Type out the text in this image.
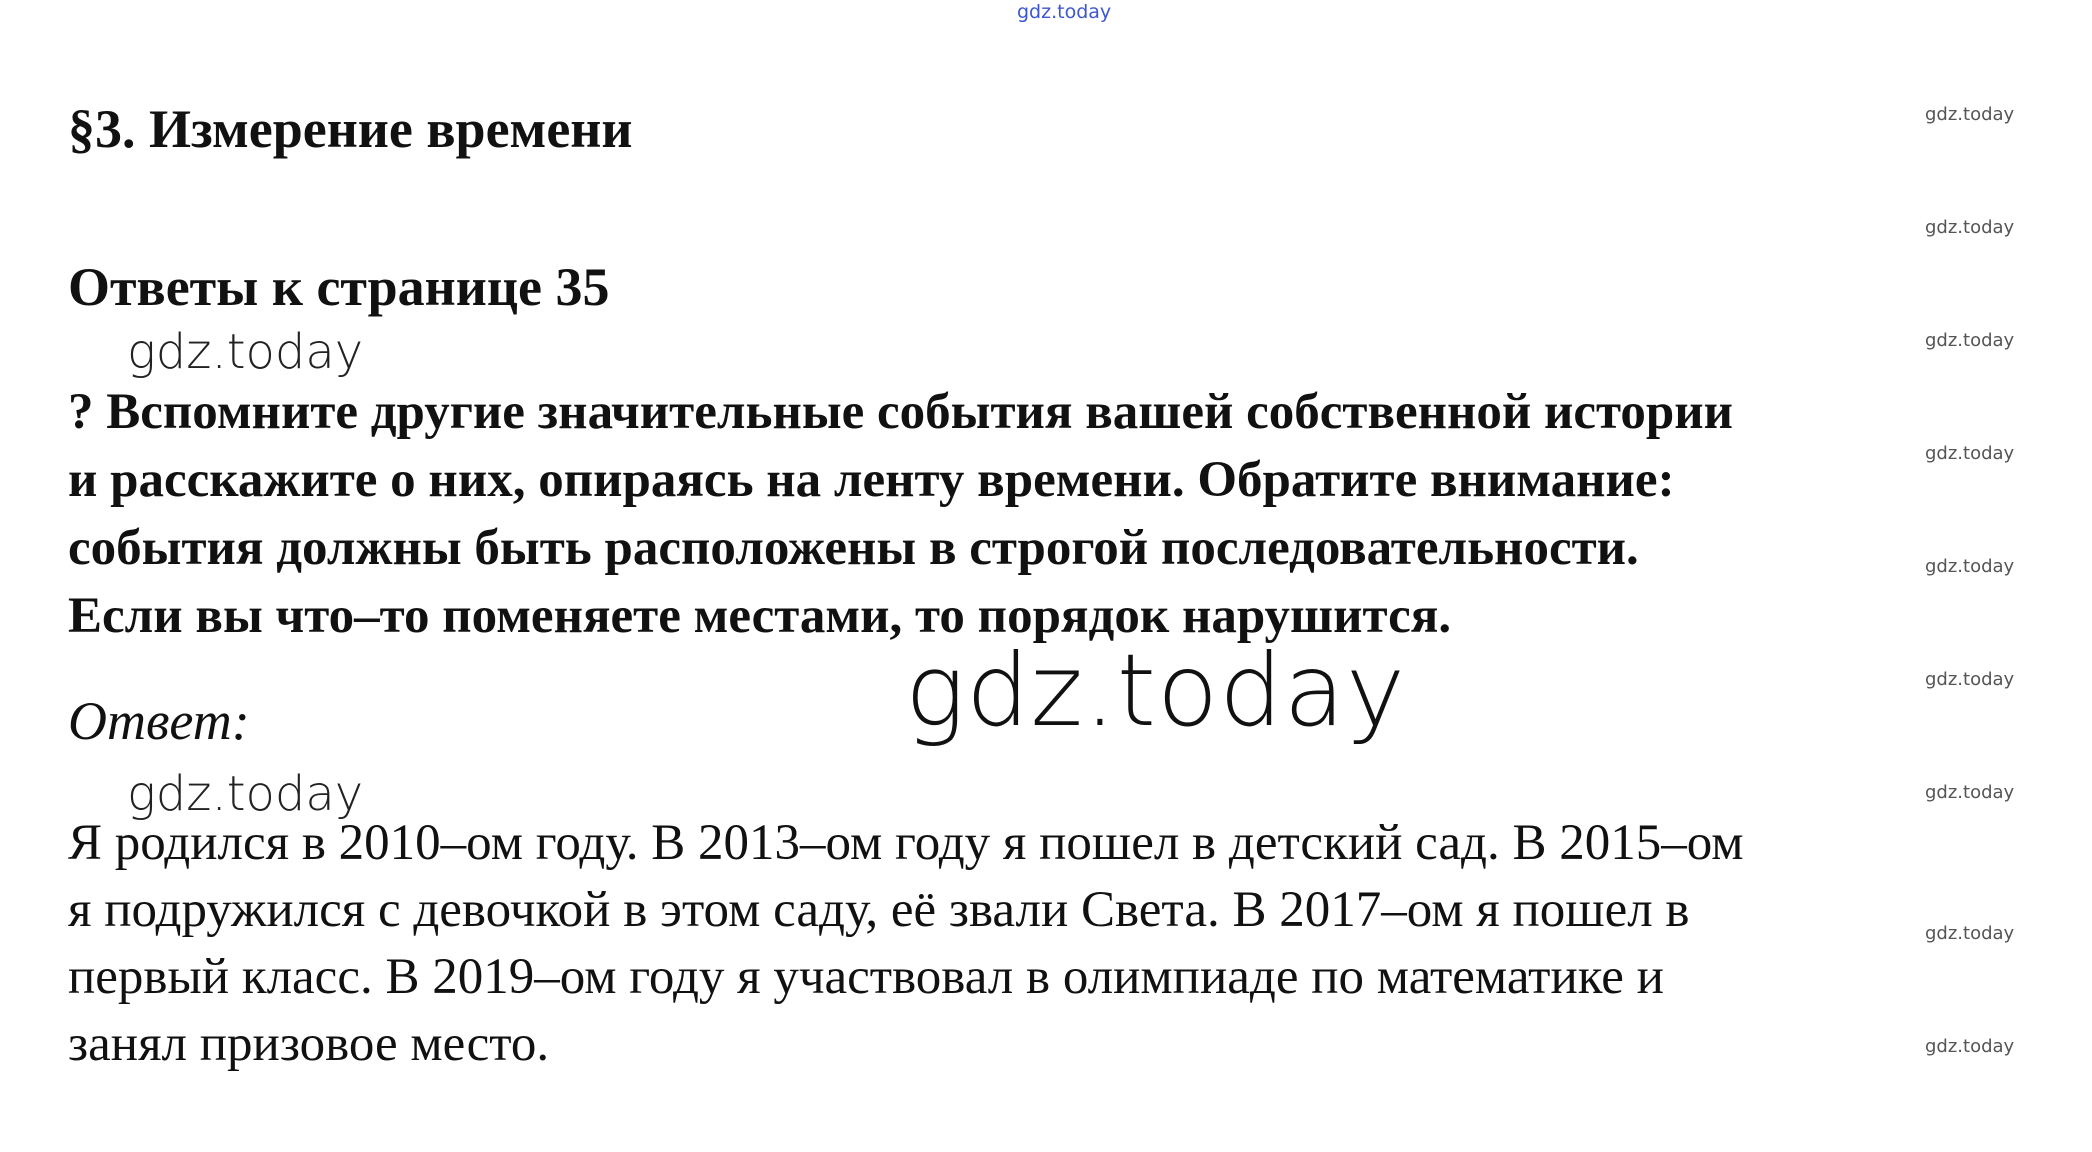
gdz.today
gdz.today
gdz.today
gdz.today
gdz.today
gdz.today
gdz.today
gdz.today
gdz.today
gdz.today
§3. Измерение времени
Ответы к странице 35
gdz.today
? Вспомните другие значительные события вашей собственной истории
и расскажите о них, опираясь на ленту времени. Обратите внимание:
события должны быть расположены в строгой последовательности.
Если вы что–то поменяете местами, то порядок нарушится.
gdz.today
Ответ:
gdz.today
Я родился в 2010–ом году. В 2013–ом году я пошел в детский сад. В 2015–ом
я подружился с девочкой в этом саду, её звали Света. В 2017–ом я пошел в
первый класс. В 2019–ом году я участвовал в олимпиаде по математике и
занял призовое место.
